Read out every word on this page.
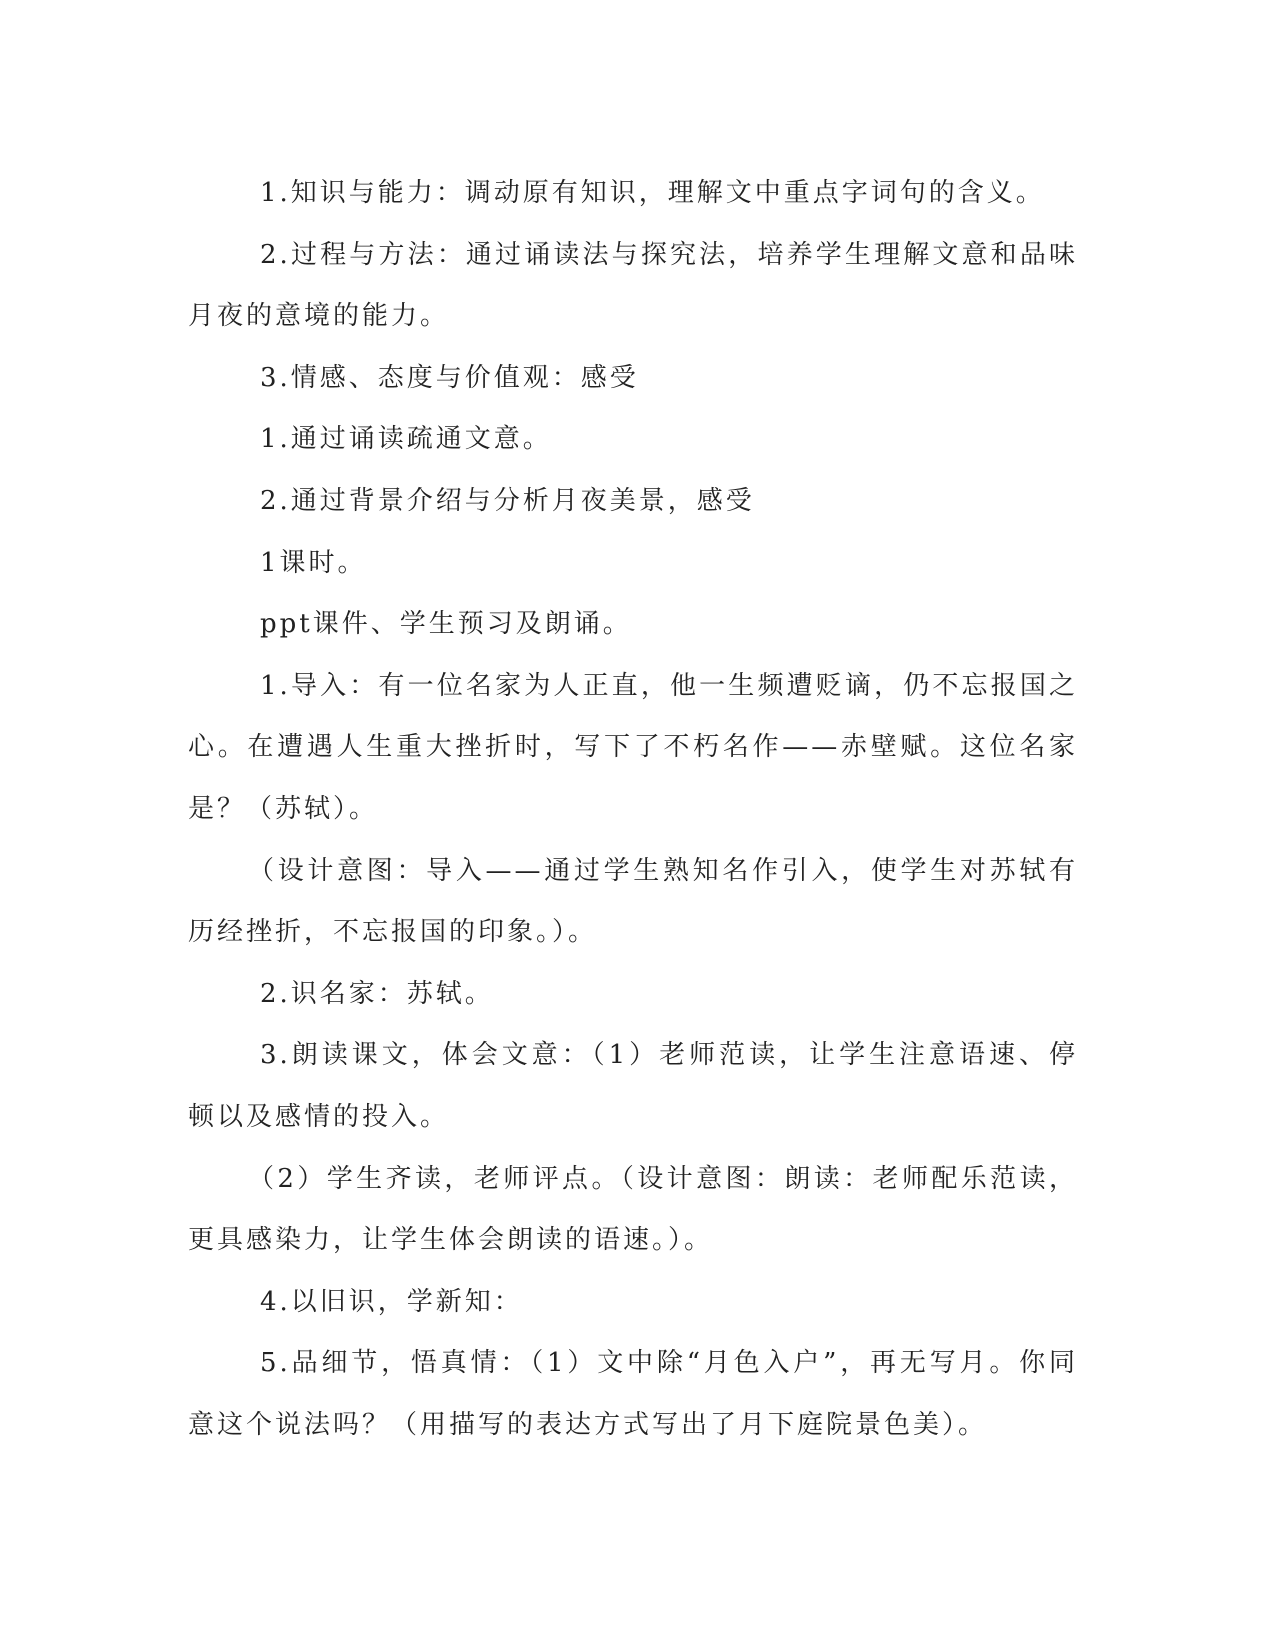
1.知识与能力：调动原有知识，理解文中重点字词句的含义。

2.过程与方法：通过诵读法与探究法，培养学生理解文意和品味月夜的意境的能力。

3.情感、态度与价值观：感受

1.通过诵读疏通文意。

2.通过背景介绍与分析月夜美景，感受

1课时。

ppt课件、学生预习及朗诵。

1.导入：有一位名家为人正直，他一生频遭贬谪，仍不忘报国之心。在遭遇人生重大挫折时，写下了不朽名作——赤壁赋。这位名家是？（苏轼）。

（设计意图：导入——通过学生熟知名作引入，使学生对苏轼有历经挫折，不忘报国的印象。）。

2.识名家：苏轼。

3.朗读课文，体会文意：（1）老师范读，让学生注意语速、停顿以及感情的投入。

（2）学生齐读，老师评点。（设计意图：朗读：老师配乐范读，更具感染力，让学生体会朗读的语速。）。

4.以旧识，学新知：

5.品细节，悟真情：（1）文中除“月色入户”，再无写月。你同意这个说法吗？（用描写的表达方式写出了月下庭院景色美）。
